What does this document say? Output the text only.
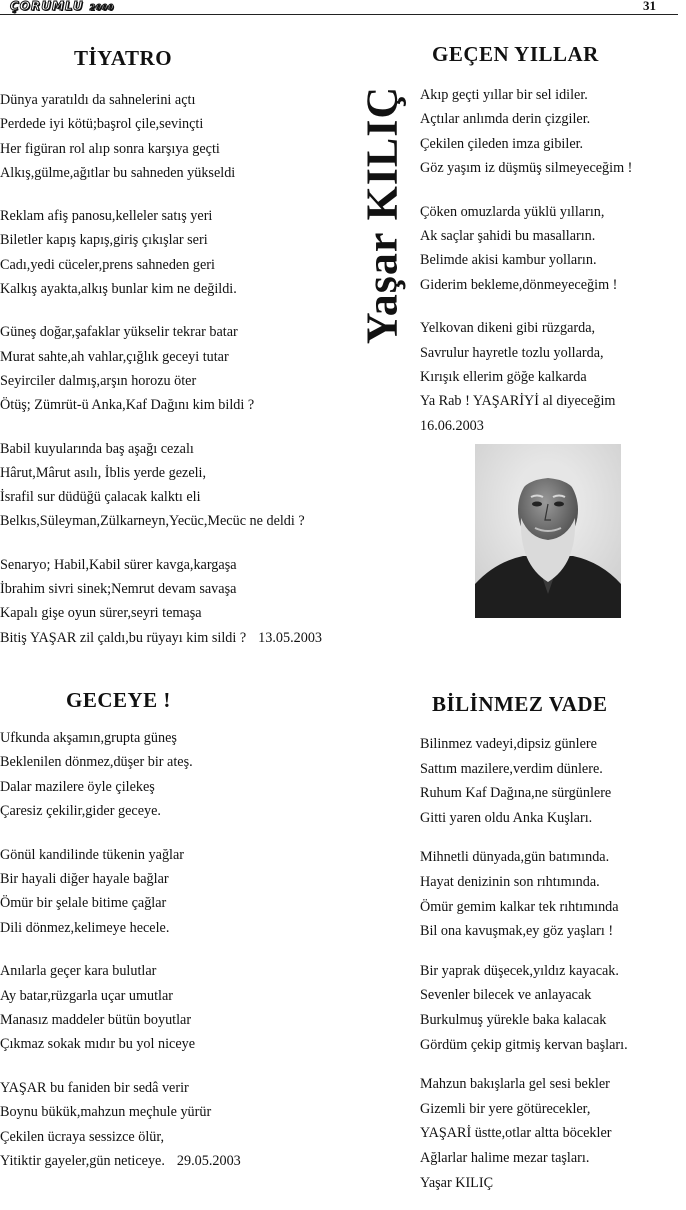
ÇORUMLU 2000	31
TİYATRO
Dünya yaratıldı da sahnelerini açtı
Perdede iyi kötü;başrol çile,sevinçti
Her figüran rol alıp sonra karşıya geçti
Alkış,gülme,ağıtlar bu sahneden yükseldi
Reklam afiş panosu,kelleler satış yeri
Biletler kapış kapış,giriş çıkışlar seri
Cadı,yedi cüceler,prens sahneden geri
Kalkış ayakta,alkış bunlar kim ne değildi.
Güneş doğar,şafaklar yükselir tekrar batar
Murat sahte,ah vahlar,çığlık geceyi tutar
Seyirciler dalmış,arşın horozu öter
Ötüş; Zümrüt-ü Anka,Kaf Dağını kim bildi ?
Babil kuyularında baş aşağı cezalı
Hârut,Mârut asılı, İblis yerde gezeli,
İsrafil sur düdüğü çalacak kalktı eli
Belkıs,Süleyman,Zülkarneyn,Yecüc,Mecüc ne deldi ?
Senaryo; Habil,Kabil sürer kavga,kargaşa
İbrahim sivri sinek;Nemrut devam savaşa
Kapalı gişe oyun sürer,seyri temaşa
Bitiş YAŞAR zil çaldı,bu rüyayı kim sildi ? 13.05.2003
GEÇEN YILLAR
Akıp geçti yıllar bir sel idiler.
Açtılar anlımda derin çizgiler.
Çekilen çileden imza gibiler.
Göz yaşım iz düşmüş silmeyeceğim !
Çöken omuzlarda yüklü yılların,
Ak saçlar şahidi bu masalların.
Belimde akisi kambur yolların.
Giderim bekleme,dönmeyeceğim !
Yelkovan dikeni gibi rüzgarda,
Savrulur hayretle tozlu yollarda,
Kırışık ellerim göğe kalkarda
Ya Rab ! YAŞARİYİ al diyeceğim
16.06.2003
Yaşar KILIÇ
GECEYE !
Ufkunda akşamın,grupta güneş
Beklenilen dönmez,düşer bir ateş.
Dalar mazilere öyle çilekeş
Çaresiz çekilir,gider geceye.
Gönül kandilinde tükenin yağlar
Bir hayali diğer hayale bağlar
Ömür bir şelale bitime çağlar
Dili dönmez,kelimeye hecele.
Anılarla geçer kara bulutlar
Ay batar,rüzgarla uçar umutlar
Manasız maddeler bütün boyutlar
Çıkmaz sokak mıdır bu yol niceye
YAŞAR bu faniden bir sedâ verir
Boynu bükük,mahzun meçhule yürür
Çekilen ücraya sessizce ölür,
Yitiktir gayeler,gün neticeye. 29.05.2003
BİLİNMEZ VADE
Bilinmez vadeyi,dipsiz günlere
Sattım mazilere,verdim dünlere.
Ruhum Kaf Dağına,ne sürgünlere
Gitti yaren oldu Anka Kuşları.
Mihnetli dünyada,gün batımında.
Hayat denizinin son rıhtımında.
Ömür gemim kalkar tek rıhtımında
Bil ona kavuşmak,ey göz yaşları !
Bir yaprak düşecek,yıldız kayacak.
Sevenler bilecek ve anlayacak
Burkulmuş yürekle baka kalacak
Gördüm çekip gitmiş kervan başları.
Mahzun bakışlarla gel sesi bekler
Gizemli bir yere götürecekler,
YAŞARİ üstte,otlar altta böcekler
Ağlarlar halime mezar taşları.
Yaşar KILIÇ
